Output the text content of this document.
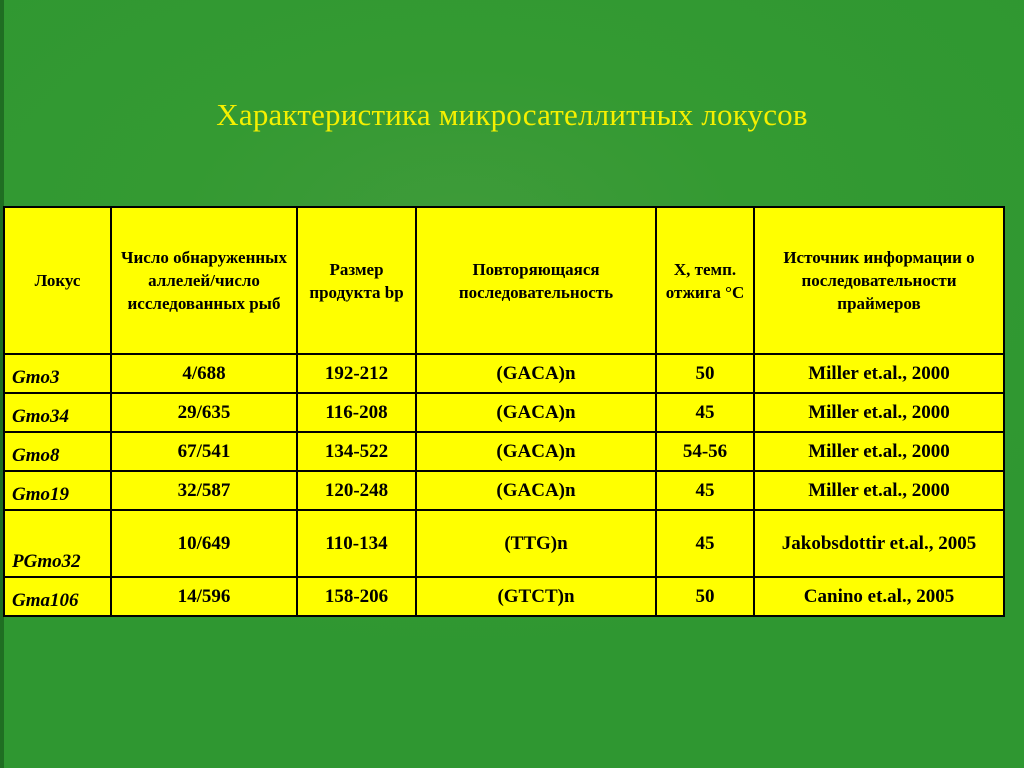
Характеристика микросателлитных локусов
Локус	Число обнаруженных аллелей/число исследованных рыб	Размер продукта bp	Повторяющаяся последовательность	Х, темп. отжига °С	Источник информации о последовательности праймеров
Gmo3	4/688	192-212	(GACA)n	50	Miller et.al., 2000
Gmo34	29/635	116-208	(GACA)n	45	Miller et.al., 2000
Gmo8	67/541	134-522	(GACA)n	54-56	Miller et.al., 2000
Gmo19	32/587	120-248	(GACA)n	45	Miller et.al., 2000
PGmo32	10/649	110-134	(TTG)n	45	Jakobsdottir et.al., 2005
Gma106	14/596	158-206	(GTCT)n	50	Canino et.al., 2005
